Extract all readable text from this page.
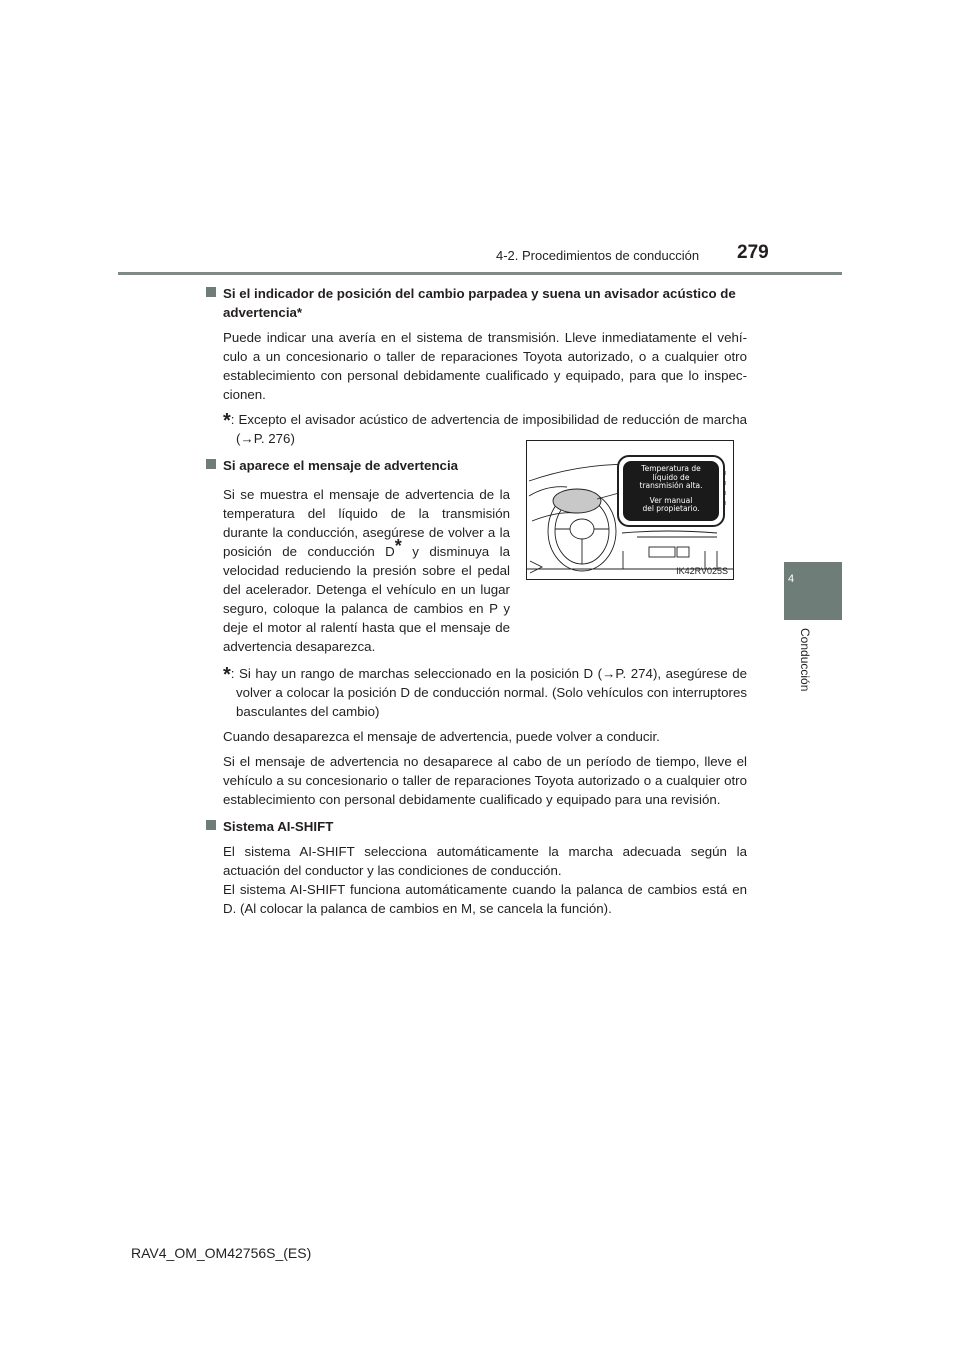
4-2. Procedimientos de conducción 279
4
Conducción
Si el indicador de posición del cambio parpadea y suena un avisador acústico de advertencia*

Puede indicar una avería en el sistema de transmisión. Lleve inmediatamente el vehículo a un concesionario o taller de reparaciones Toyota autorizado, o a cualquier otro establecimiento con personal debidamente cualificado y equipado, para que lo inspeccionen.

*: Excepto el avisador acústico de advertencia de imposibilidad de reducción de marcha (→P. 276)

Si aparece el mensaje de advertencia

Si se muestra el mensaje de advertencia de la temperatura del líquido de la transmisión durante la conducción, asegúrese de volver a la posición de conducción D* y disminuya la velocidad reduciendo la presión sobre el pedal del acelerador. Detenga el vehículo en un lugar seguro, coloque la palanca de cambios en P y deje el motor al ralentí hasta que el mensaje de advertencia desaparezca.

*: Si hay un rango de marchas seleccionado en la posición D (→P. 274), asegúrese de volver a colocar la posición D de conducción normal. (Solo vehículos con interruptores basculantes del cambio)

Cuando desaparezca el mensaje de advertencia, puede volver a conducir.

Si el mensaje de advertencia no desaparece al cabo de un período de tiempo, lleve el vehículo a su concesionario o taller de reparaciones Toyota autorizado o a cualquier otro establecimiento con personal debidamente cualificado y equipado para una revisión.

Sistema AI-SHIFT

El sistema AI-SHIFT selecciona automáticamente la marcha adecuada según la actuación del conductor y las condiciones de conducción.

El sistema AI-SHIFT funciona automáticamente cuando la palanca de cambios está en D. (Al colocar la palanca de cambios en M, se cancela la función).

Temperatura de
líquido de
transmisión alta.
Ver manual
del propietario.
IK42RV025S
RAV4_OM_OM42756S_(ES)
